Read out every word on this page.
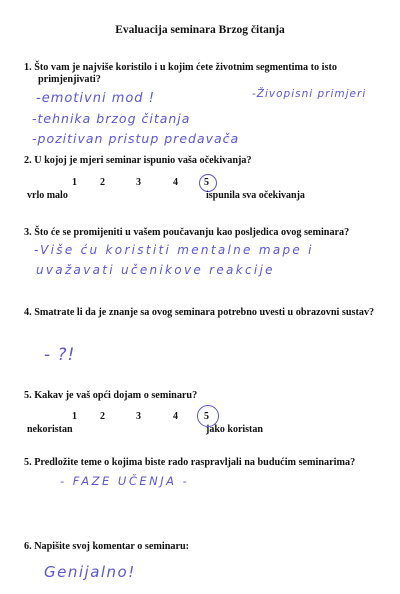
Evaluacija seminara Brzog čitanja
1. Što vam je najviše koristilo i u kojim ćete životnim segmentima to isto
primjenjivati?
-emotivni mod !	-Živopisni primjeri
-tehnika brzog čitanja
-pozitivan pristup predavača
2. U kojoj je mjeri seminar ispunio vaša očekivanja?
1 2	3	4	5
vrlo malo	ispunila sva očekivanja
3. Što će se promijeniti u vašem poučavanju kao posljedica ovog seminara?
-Više ću koristiti mentalne mape i
uvažavati učenikove reakcije
4. Smatrate li da je znanje sa ovog seminara potrebno uvesti u obrazovni sustav?
- ?!
5. Kakav je vaš opći dojam o seminaru?
1 2	3	4	5
nekoristan	jako koristan
5. Predložite teme o kojima biste rado raspravljali na budućim seminarima?
- FAZE UČENJA -
6. Napišite svoj komentar o seminaru:
Genijalno!
